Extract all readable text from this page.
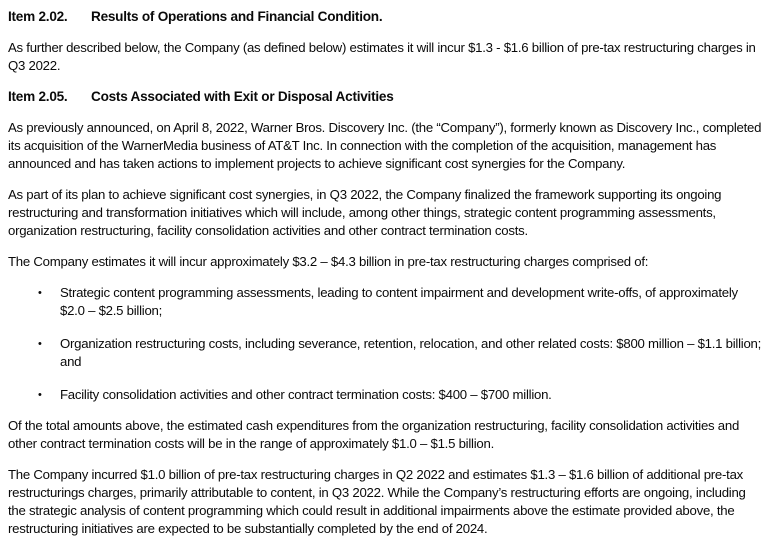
Item 2.02. Results of Operations and Financial Condition.

As further described below, the Company (as defined below) estimates it will incur $1.3 - $1.6 billion of pre-tax restructuring charges in Q3 2022.

Item 2.05. Costs Associated with Exit or Disposal Activities

As previously announced, on April 8, 2022, Warner Bros. Discovery Inc. (the “Company”), formerly known as Discovery Inc., completed its acquisition of the WarnerMedia business of AT&T Inc. In connection with the completion of the acquisition, management has announced and has taken actions to implement projects to achieve significant cost synergies for the Company.

As part of its plan to achieve significant cost synergies, in Q3 2022, the Company finalized the framework supporting its ongoing restructuring and transformation initiatives which will include, among other things, strategic content programming assessments, organization restructuring, facility consolidation activities and other contract termination costs.

The Company estimates it will incur approximately $3.2 – $4.3 billion in pre-tax restructuring charges comprised of:

•	Strategic content programming assessments, leading to content impairment and development write-offs, of approximately $2.0 – $2.5 billion;
•	Organization restructuring costs, including severance, retention, relocation, and other related costs: $800 million – $1.1 billion; and
•	Facility consolidation activities and other contract termination costs: $400 – $700 million.

Of the total amounts above, the estimated cash expenditures from the organization restructuring, facility consolidation activities and other contract termination costs will be in the range of approximately $1.0 – $1.5 billion.

The Company incurred $1.0 billion of pre-tax restructuring charges in Q2 2022 and estimates $1.3 – $1.6 billion of additional pre-tax restructurings charges, primarily attributable to content, in Q3 2022. While the Company’s restructuring efforts are ongoing, including the strategic analysis of content programming which could result in additional impairments above the estimate provided above, the restructuring initiatives are expected to be substantially completed by the end of 2024.
